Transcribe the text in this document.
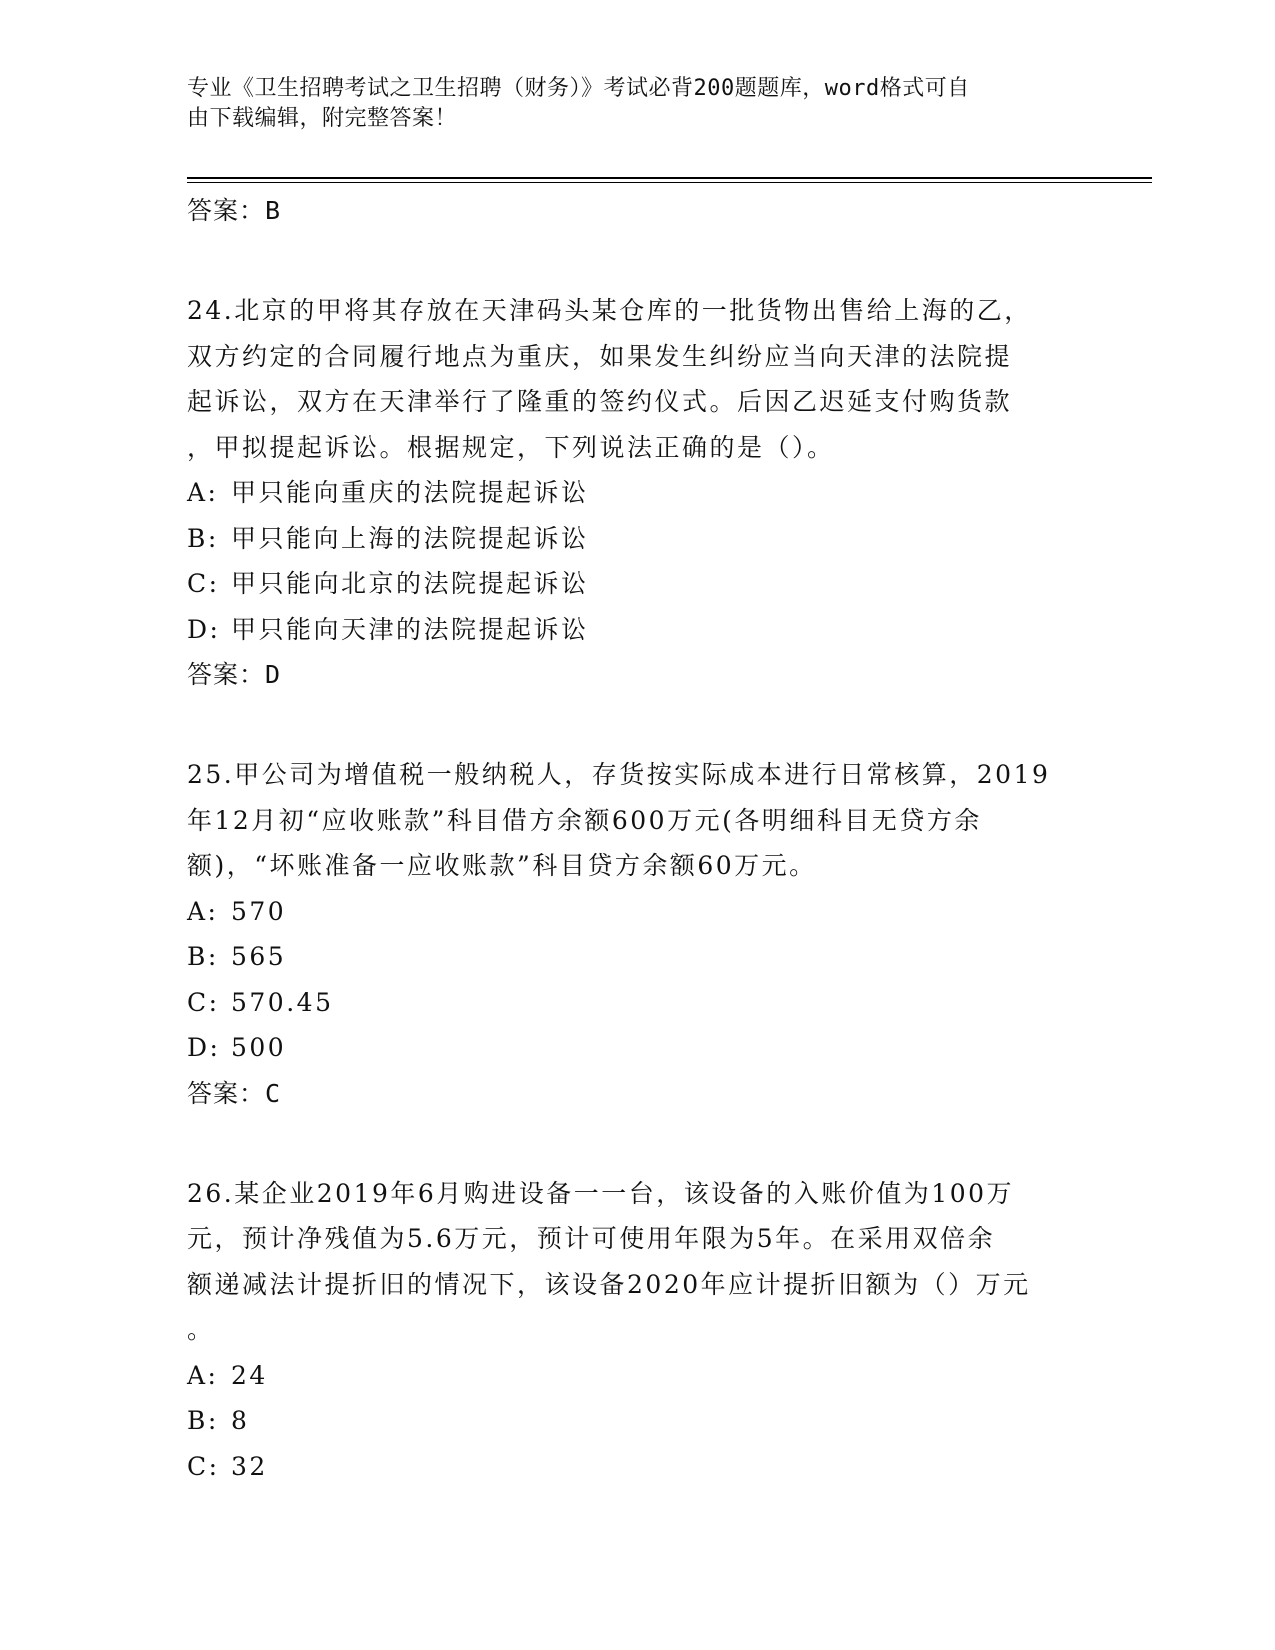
专业《卫生招聘考试之卫生招聘（财务）》考试必背200题题库，word格式可自
由下载编辑，附完整答案！
答案：B
24.北京的甲将其存放在天津码头某仓库的一批货物出售给上海的乙，
双方约定的合同履行地点为重庆，如果发生纠纷应当向天津的法院提
起诉讼，双方在天津举行了隆重的签约仪式。后因乙迟延支付购货款
，甲拟提起诉讼。根据规定，下列说法正确的是（）。
A: 甲只能向重庆的法院提起诉讼
B: 甲只能向上海的法院提起诉讼
C: 甲只能向北京的法院提起诉讼
D: 甲只能向天津的法院提起诉讼
答案：D
25.甲公司为增值税一般纳税人，存货按实际成本进行日常核算，2019
年12月初“应收账款”科目借方余额600万元(各明细科目无贷方余
额)，“坏账准备一应收账款”科目贷方余额60万元。
A: 570
B: 565
C: 570.45
D: 500
答案：C
26.某企业2019年6月购进设备一一台，该设备的入账价值为100万
元，预计净残值为5.6万元，预计可使用年限为5年。在采用双倍余
额递减法计提折旧的情况下，该设备2020年应计提折旧额为（）万元
。
A: 24
B: 8
C: 32
